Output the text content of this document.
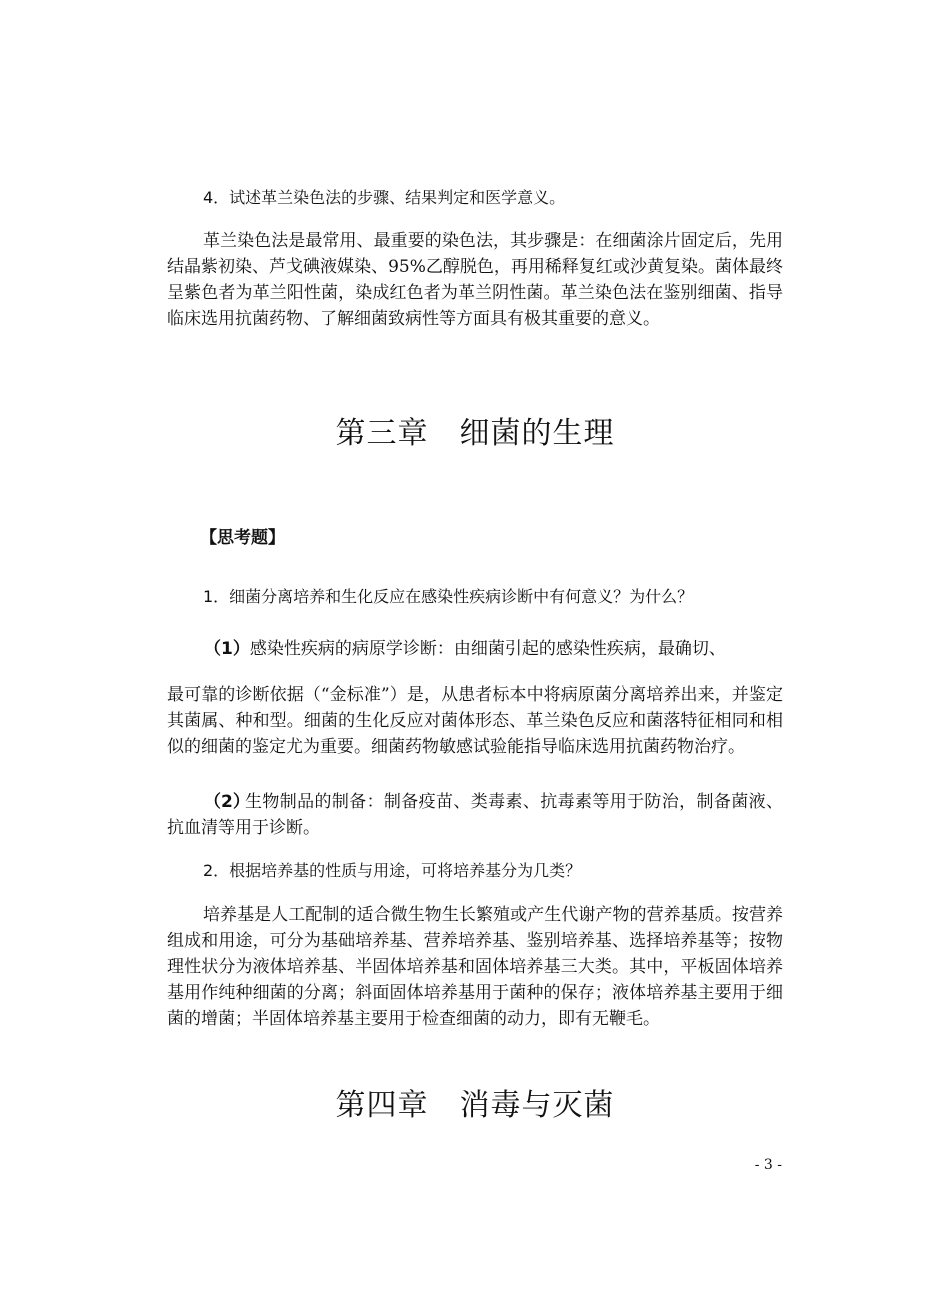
4．试述革兰染色法的步骤、结果判定和医学意义。

革兰染色法是最常用、最重要的染色法，其步骤是：在细菌涂片固定后，先用结晶紫初染、芦戈碘液媒染、95%乙醇脱色，再用稀释复红或沙黄复染。菌体最终呈紫色者为革兰阳性菌，染成红色者为革兰阴性菌。革兰染色法在鉴别细菌、指导临床选用抗菌药物、了解细菌致病性等方面具有极其重要的意义。

第三章　细菌的生理
【思考题】
1．细菌分离培养和生化反应在感染性疾病诊断中有何意义？为什么？
（1）感染性疾病的病原学诊断：由细菌引起的感染性疾病，最确切、

最可靠的诊断依据（“金标准”）是，从患者标本中将病原菌分离培养出来，并鉴定其菌属、种和型。细菌的生化反应对菌体形态、革兰染色反应和菌落特征相同和相似的细菌的鉴定尤为重要。细菌药物敏感试验能指导临床选用抗菌药物治疗。

（2）

生物制品的制备：制备疫苗、类毒素、抗毒素等用于防治，制备菌液、抗血清等用于诊断。

2．根据培养基的性质与用途，可将培养基分为几类？

培养基是人工配制的适合微生物生长繁殖或产生代谢产物的营养基质。按营养组成和用途，可分为基础培养基、营养培养基、鉴别培养基、选择培养基等；按物理性状分为液体培养基、半固体培养基和固体培养基三大类。其中，平板固体培养基用作纯种细菌的分离；斜面固体培养基用于菌种的保存；液体培养基主要用于细菌的增菌；半固体培养基主要用于检查细菌的动力，即有无鞭毛。

第四章　消毒与灭菌
- 3 -
